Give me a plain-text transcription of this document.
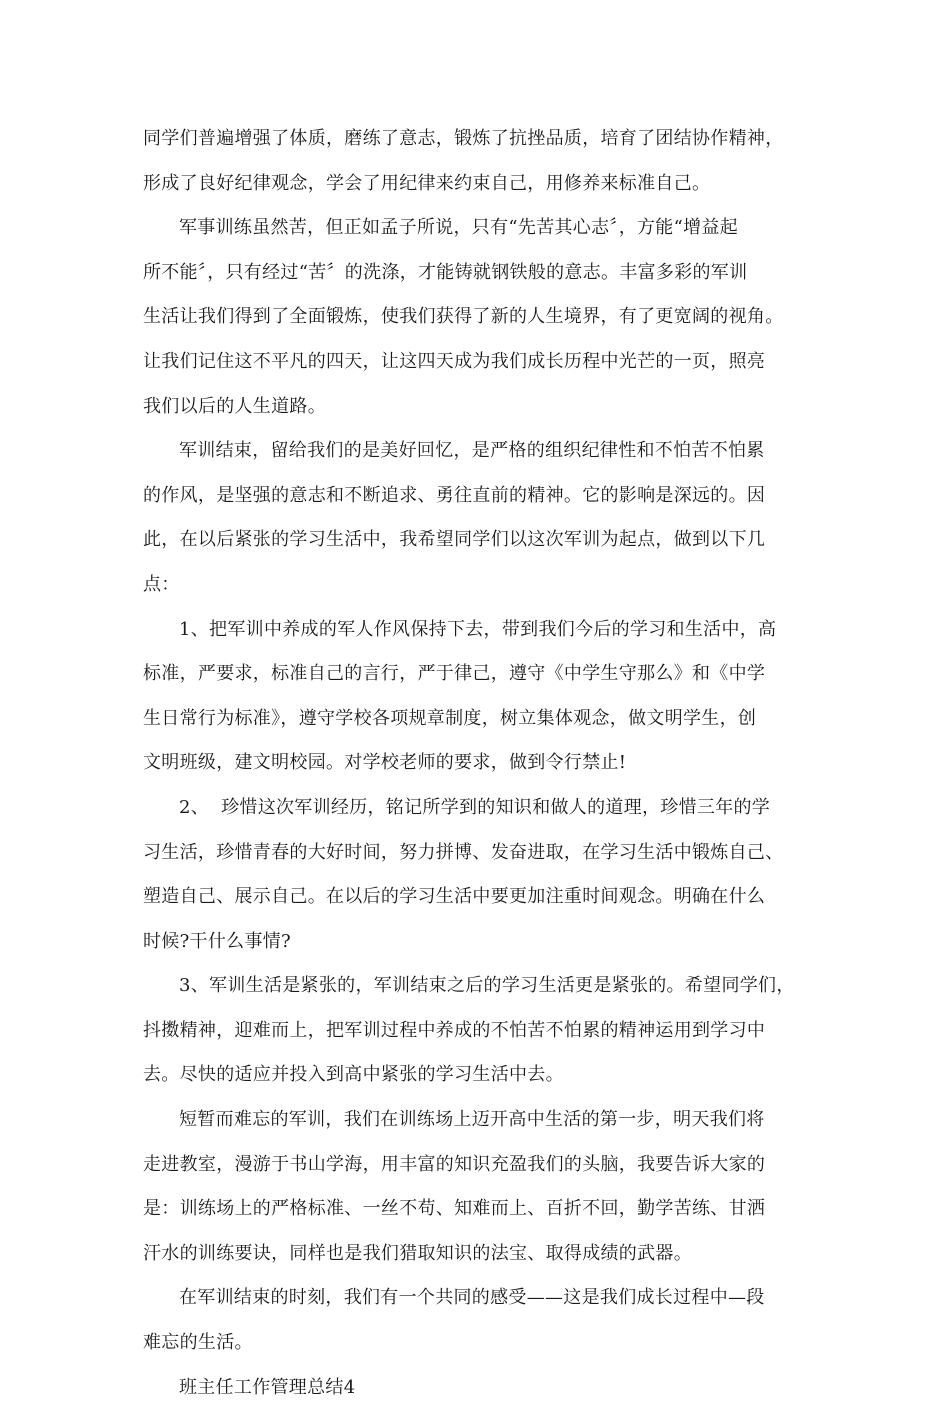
同学们普遍增强了体质，磨练了意志，锻炼了抗挫品质，培育了团结协作精神，
形成了良好纪律观念，学会了用纪律来约束自己，用修养来标准自己。
军事训练虽然苦，但正如孟子所说，只有“先苦其心志〞，方能“增益起
所不能〞，只有经过“苦〞的洗涤，才能铸就钢铁般的意志。丰富多彩的军训
生活让我们得到了全面锻炼，使我们获得了新的人生境界，有了更宽阔的视角。
让我们记住这不平凡的四天，让这四天成为我们成长历程中光芒的一页，照亮
我们以后的人生道路。
军训结束，留给我们的是美好回忆，是严格的组织纪律性和不怕苦不怕累
的作风，是坚强的意志和不断追求、勇往直前的精神。它的影响是深远的。因
此，在以后紧张的学习生活中，我希望同学们以这次军训为起点，做到以下几
点：
1、把军训中养成的军人作风保持下去，带到我们今后的学习和生活中，高
标准，严要求，标准自己的言行，严于律己，遵守《中学生守那么》和《中学
生日常行为标准》，遵守学校各项规章制度，树立集体观念，做文明学生，创
文明班级，建文明校园。对学校老师的要求，做到令行禁止!
2、  珍惜这次军训经历，铭记所学到的知识和做人的道理，珍惜三年的学
习生活，珍惜青春的大好时间，努力拼博、发奋进取，在学习生活中锻炼自己、
塑造自己、展示自己。在以后的学习生活中要更加注重时间观念。明确在什么
时候?干什么事情?
3、军训生活是紧张的，军训结束之后的学习生活更是紧张的。希望同学们，
抖擞精神，迎难而上，把军训过程中养成的不怕苦不怕累的精神运用到学习中
去。尽快的适应并投入到高中紧张的学习生活中去。
短暂而难忘的军训，我们在训练场上迈开高中生活的第一步，明天我们将
走进教室，漫游于书山学海，用丰富的知识充盈我们的头脑，我要告诉大家的
是：训练场上的严格标准、一丝不苟、知难而上、百折不回，勤学苦练、甘洒
汗水的训练要诀，同样也是我们猎取知识的法宝、取得成绩的武器。
在军训结束的时刻，我们有一个共同的感受——这是我们成长过程中—段
难忘的生活。
班主任工作管理总结4
